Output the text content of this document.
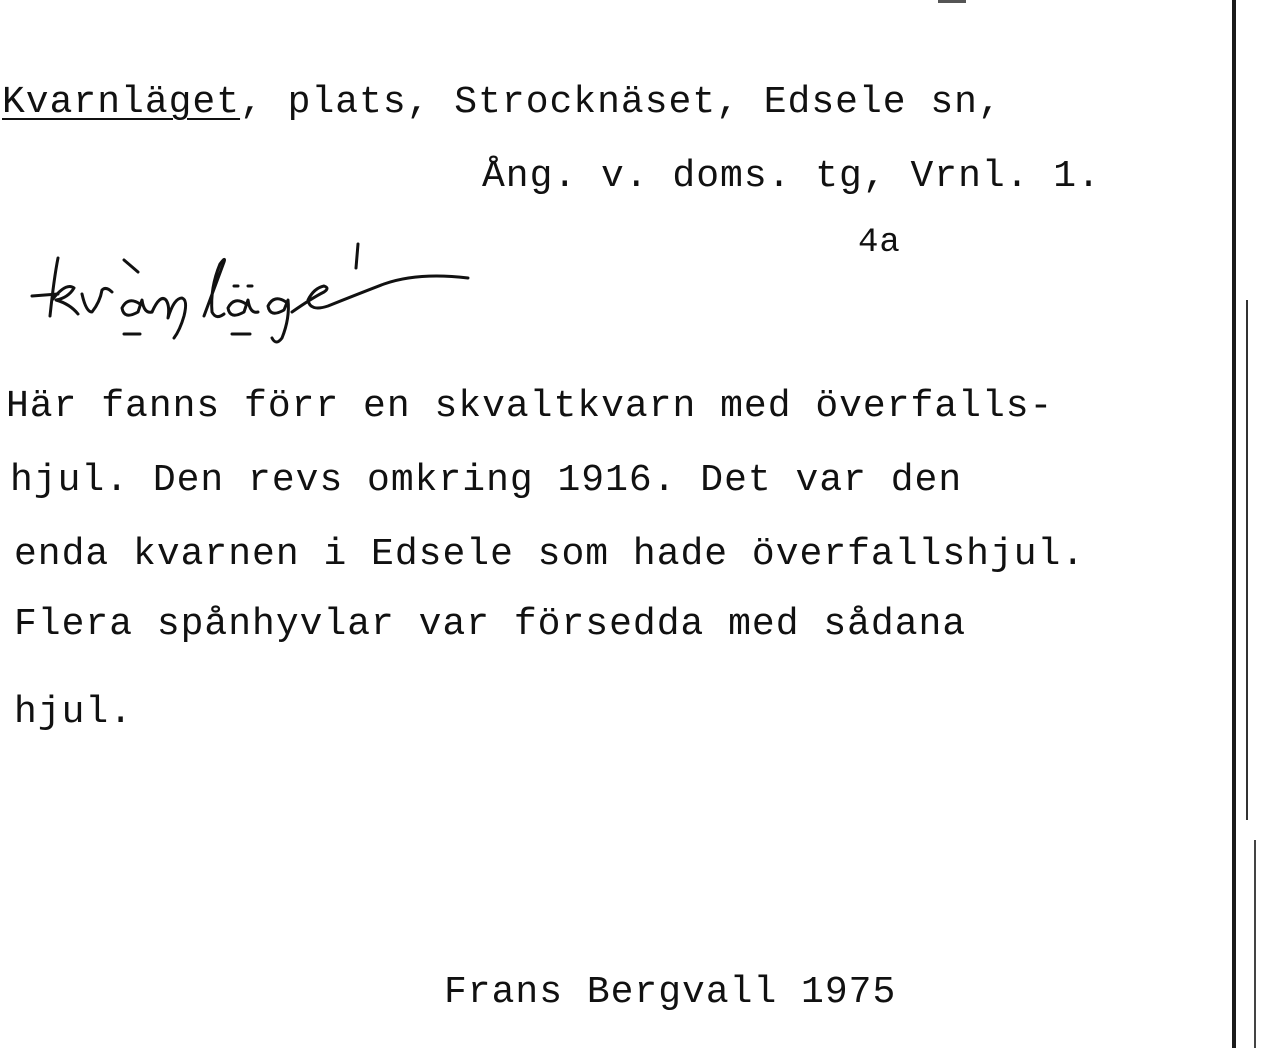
Kvarnläget, plats, Strocknäset, Edsele sn,
Ång. v. doms. tg, Vrnl. 1.
4a
Här fanns förr en skvaltkvarn med överfalls-
hjul. Den revs omkring 1916. Det var den
enda kvarnen i Edsele som hade överfallshjul.
Flera spånhyvlar var försedda med sådana
hjul.
Frans Bergvall 1975
